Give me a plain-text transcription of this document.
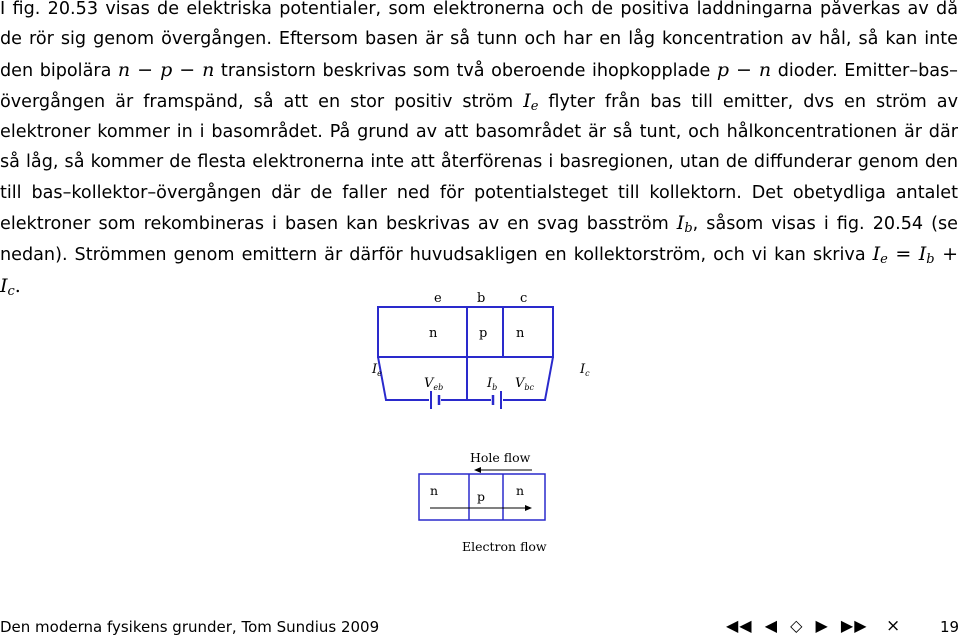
I fig. 20.53 visas de elektriska potentialer, som elektronerna och de positiva laddningarna påverkas av då de rör sig genom övergången. Eftersom basen är så tunn och har en låg koncentration av hål, så kan inte den bipolära n − p − n transistorn beskrivas som två oberoende ihopkopplade p − n dioder. Emitter–bas–övergången är framspänd, så att en stor positiv ström $I_e$ flyter från bas till emitter, dvs en ström av elektroner kommer in i basområdet. På grund av att basområdet är så tunt, och hålkoncentrationen är där så låg, så kommer de flesta elektronerna inte att återförenas i basregionen, utan de diffunderar genom den till bas–kollektor–övergången där de faller ned för potentialsteget till kollektorn. Det obetydliga antalet elektroner som rekombineras i basen kan beskrivas av en svag basström $I_b$, såsom visas i fig. 20.54 (se nedan). Strömmen genom emittern är därför huvudsakligen en kollektorström, och vi kan skriva $I_e = I_b + I_c$.
e	b	c
n	p n
$I_e$	$I_c$
$V_{eb}$	$I_b$ $V_{bc}$
Hole flow
n	p n
Electron flow
Den moderna fysikens grunder, Tom Sundius 2009	◀◀ ◀ ◇ ▶ ▶▶	×	19
